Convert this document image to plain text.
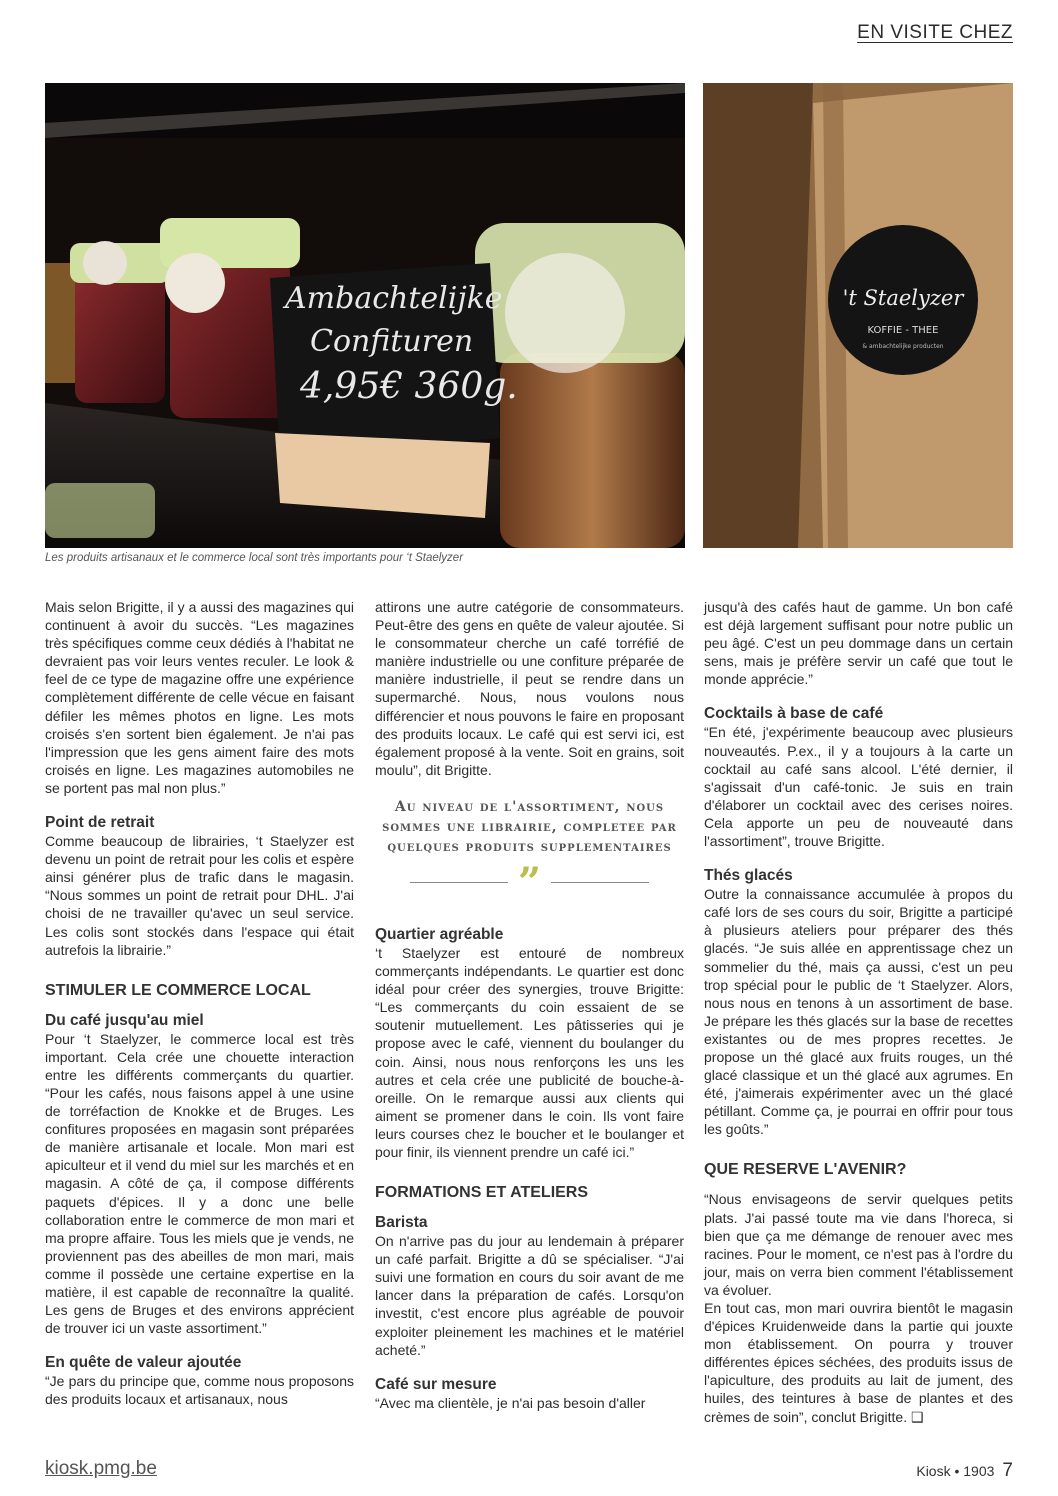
EN VISITE CHEZ
Ambachtelijke
Confituren
4,95€ 360g.
't Staelyzer
KOFFIE - THEE
& ambachtelijke producten
Les produits artisanaux et le commerce local sont très importants pour ‘t Staelyzer

Mais selon Brigitte, il y a aussi des magazines qui continuent à avoir du succès. “Les magazines très spécifiques comme ceux dédiés à l'habitat ne devraient pas voir leurs ventes reculer. Le look & feel de ce type de magazine offre une expérience complètement différente de celle vécue en faisant défiler les mêmes photos en ligne. Les mots croisés s'en sortent bien également. Je n'ai pas l'impression que les gens aiment faire des mots croisés en ligne. Les magazines automobiles ne se portent pas mal non plus.”

Point de retrait

Comme beaucoup de librairies, ‘t Staelyzer est devenu un point de retrait pour les colis et espère ainsi générer plus de trafic dans le magasin. “Nous sommes un point de retrait pour DHL. J'ai choisi de ne travailler qu'avec un seul service. Les colis sont stockés dans l'espace qui était autrefois la librairie.”

STIMULER LE COMMERCE LOCAL
Du café jusqu'au miel

Pour ‘t Staelyzer, le commerce local est très important. Cela crée une chouette interaction entre les différents commerçants du quartier. “Pour les cafés, nous faisons appel à une usine de torréfaction de Knokke et de Bruges. Les confitures proposées en magasin sont préparées de manière artisanale et locale. Mon mari est apiculteur et il vend du miel sur les marchés et en magasin. A côté de ça, il compose différents paquets d'épices. Il y a donc une belle collaboration entre le commerce de mon mari et ma propre affaire. Tous les miels que je vends, ne proviennent pas des abeilles de mon mari, mais comme il possède une certaine expertise en la matière, il est capable de reconnaître la qualité. Les gens de Bruges et des environs apprécient de trouver ici un vaste assortiment.”

En quête de valeur ajoutée

“Je pars du principe que, comme nous proposons des produits locaux et artisanaux, nous

attirons une autre catégorie de consommateurs. Peut-être des gens en quête de valeur ajoutée. Si le consommateur cherche un café torréfié de manière industrielle ou une confiture préparée de manière industrielle, il peut se rendre dans un supermarché. Nous, nous voulons nous différencier et nous pouvons le faire en proposant des produits locaux. Le café qui est servi ici, est également proposé à la vente. Soit en grains, soit moulu”, dit Brigitte.

Au niveau de l'assortiment, nous sommes une librairie, completee par quelques produits supplementaires
”
Quartier agréable

‘t Staelyzer est entouré de nombreux commerçants indépendants. Le quartier est donc idéal pour créer des synergies, trouve Brigitte: “Les commerçants du coin essaient de se soutenir mutuellement. Les pâtisseries qui je propose avec le café, viennent du boulanger du coin. Ainsi, nous nous renforçons les uns les autres et cela crée une publicité de bouche-à-oreille. On le remarque aussi aux clients qui aiment se promener dans le coin. Ils vont faire leurs courses chez le boucher et le boulanger et pour finir, ils viennent prendre un café ici.”

FORMATIONS ET ATELIERS
Barista

On n'arrive pas du jour au lendemain à préparer un café parfait. Brigitte a dû se spécialiser. “J'ai suivi une formation en cours du soir avant de me lancer dans la préparation de cafés. Lorsqu'on investit, c'est encore plus agréable de pouvoir exploiter pleinement les machines et le matériel acheté.”

Café sur mesure

“Avec ma clientèle, je n'ai pas besoin d'aller

jusqu'à des cafés haut de gamme. Un bon café est déjà largement suffisant pour notre public un peu âgé. C'est un peu dommage dans un certain sens, mais je préfère servir un café que tout le monde apprécie.”

Cocktails à base de café

“En été, j'expérimente beaucoup avec plusieurs nouveautés. P.ex., il y a toujours à la carte un cocktail au café sans alcool. L'été dernier, il s'agissait d'un café-tonic. Je suis en train d'élaborer un cocktail avec des cerises noires. Cela apporte un peu de nouveauté dans l'assortiment”, trouve Brigitte.

Thés glacés

Outre la connaissance accumulée à propos du café lors de ses cours du soir, Brigitte a participé à plusieurs ateliers pour préparer des thés glacés. “Je suis allée en apprentissage chez un sommelier du thé, mais ça aussi, c'est un peu trop spécial pour le public de ‘t Staelyzer. Alors, nous nous en tenons à un assortiment de base. Je prépare les thés glacés sur la base de recettes existantes ou de mes propres recettes. Je propose un thé glacé aux fruits rouges, un thé glacé classique et un thé glacé aux agrumes. En été, j'aimerais expérimenter avec un thé glacé pétillant. Comme ça, je pourrai en offrir pour tous les goûts.”

QUE RESERVE L'AVENIR?

“Nous envisageons de servir quelques petits plats. J'ai passé toute ma vie dans l'horeca, si bien que ça me démange de renouer avec mes racines. Pour le moment, ce n'est pas à l'ordre du jour, mais on verra bien comment l'établissement va évoluer.

En tout cas, mon mari ouvrira bientôt le magasin d'épices Kruidenweide dans la partie qui jouxte mon établissement. On pourra y trouver différentes épices séchées, des produits issus de l'apiculture, des produits au lait de jument, des huiles, des teintures à base de plantes et des crèmes de soin”, conclut Brigitte. ❑

kiosk.pmg.be	Kiosk • 1903 7
